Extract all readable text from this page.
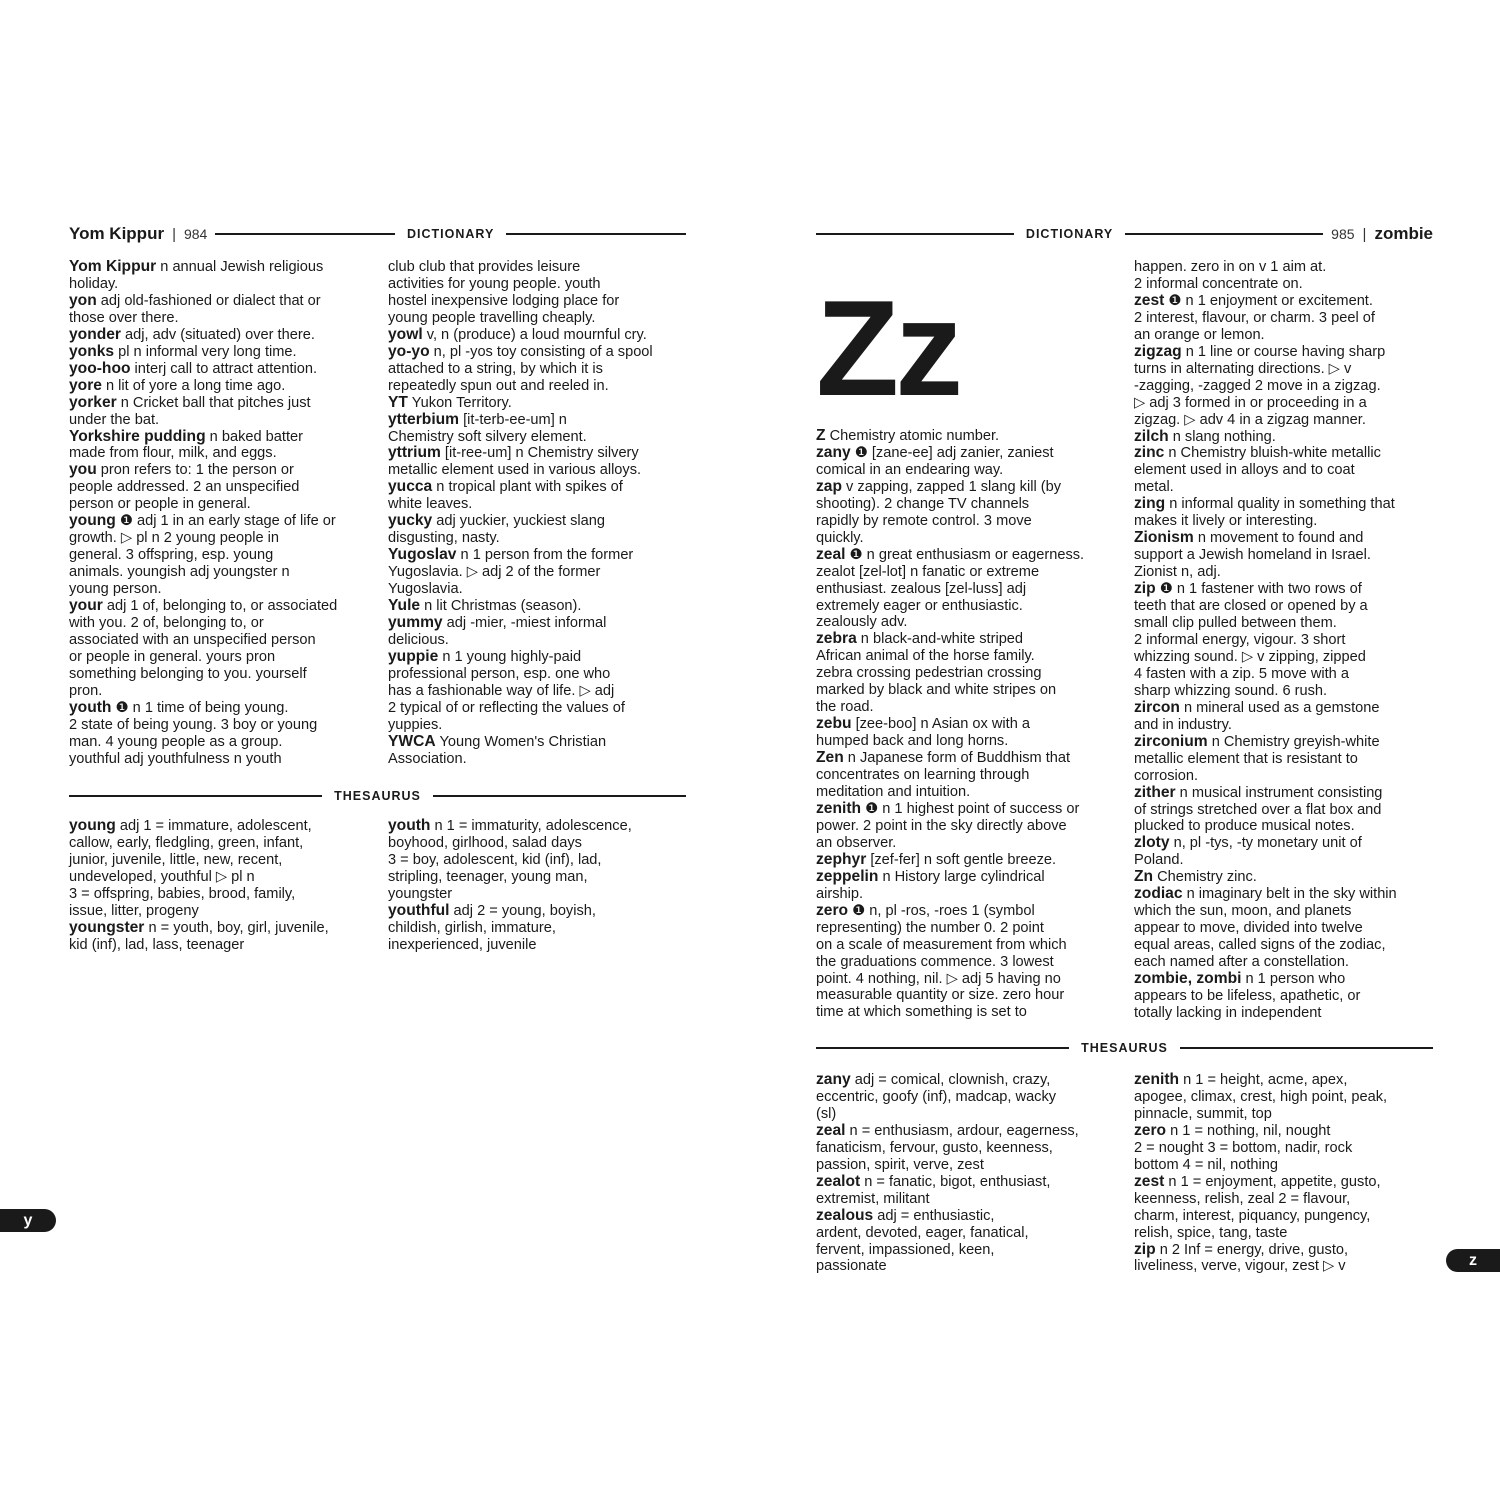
Yom Kippur | 984	DICTIONARY

Yom Kippur n annual Jewish religious
holiday.

yon adj old-fashioned or dialect that or
those over there.

yonder adj, adv (situated) over there.

yonks pl n informal very long time.

yoo-hoo interj call to attract attention.

yore n lit of yore a long time ago.

yorker n Cricket ball that pitches just
under the bat.

Yorkshire pudding n baked batter
made from flour, milk, and eggs.

you pron refers to: 1 the person or
people addressed. 2 an unspecified
person or people in general.

young ❶ adj 1 in an early stage of life or
growth. ▷ pl n 2 young people in
general. 3 offspring, esp. young
animals. youngish adj youngster n
young person.

your adj 1 of, belonging to, or associated
with you. 2 of, belonging to, or
associated with an unspecified person
or people in general. yours pron
something belonging to you. yourself
pron.

youth ❶ n 1 time of being young.
2 state of being young. 3 boy or young
man. 4 young people as a group.
youthful adj youthfulness n youth

club club that provides leisure
activities for young people. youth
hostel inexpensive lodging place for
young people travelling cheaply.

yowl v, n (produce) a loud mournful cry.

yo-yo n, pl -yos toy consisting of a spool
attached to a string, by which it is
repeatedly spun out and reeled in.

YT Yukon Territory.

ytterbium [it-terb-ee-um] n
Chemistry soft silvery element.

yttrium [it-ree-um] n Chemistry silvery
metallic element used in various alloys.

yucca n tropical plant with spikes of
white leaves.

yucky adj yuckier, yuckiest slang
disgusting, nasty.

Yugoslav n 1 person from the former
Yugoslavia. ▷ adj 2 of the former
Yugoslavia.

Yule n lit Christmas (season).

yummy adj -mier, -miest informal
delicious.

yuppie n 1 young highly-paid
professional person, esp. one who
has a fashionable way of life. ▷ adj
2 typical of or reflecting the values of
yuppies.

YWCA Young Women's Christian
Association.

THESAURUS

young adj 1 = immature, adolescent,
callow, early, fledgling, green, infant,
junior, juvenile, little, new, recent,
undeveloped, youthful ▷ pl n
3 = offspring, babies, brood, family,
issue, litter, progeny

youngster n = youth, boy, girl, juvenile,
kid (inf), lad, lass, teenager

youth n 1 = immaturity, adolescence,
boyhood, girlhood, salad days
3 = boy, adolescent, kid (inf), lad,
stripling, teenager, young man,
youngster

youthful adj 2 = young, boyish,
childish, girlish, immature,
inexperienced, juvenile

y
DICTIONARY	985 | zombie
Zz

Z Chemistry atomic number.

zany ❶ [zane-ee] adj zanier, zaniest
comical in an endearing way.

zap v zapping, zapped 1 slang kill (by
shooting). 2 change TV channels
rapidly by remote control. 3 move
quickly.

zeal ❶ n great enthusiasm or eagerness.
zealot [zel-lot] n fanatic or extreme
enthusiast. zealous [zel-luss] adj
extremely eager or enthusiastic.
zealously adv.

zebra n black-and-white striped
African animal of the horse family.
zebra crossing pedestrian crossing
marked by black and white stripes on
the road.

zebu [zee-boo] n Asian ox with a
humped back and long horns.

Zen n Japanese form of Buddhism that
concentrates on learning through
meditation and intuition.

zenith ❶ n 1 highest point of success or
power. 2 point in the sky directly above
an observer.

zephyr [zef-fer] n soft gentle breeze.

zeppelin n History large cylindrical
airship.

zero ❶ n, pl -ros, -roes 1 (symbol
representing) the number 0. 2 point
on a scale of measurement from which
the graduations commence. 3 lowest
point. 4 nothing, nil. ▷ adj 5 having no
measurable quantity or size. zero hour
time at which something is set to

happen. zero in on v 1 aim at.
2 informal concentrate on.

zest ❶ n 1 enjoyment or excitement.
2 interest, flavour, or charm. 3 peel of
an orange or lemon.

zigzag n 1 line or course having sharp
turns in alternating directions. ▷ v
-zagging, -zagged 2 move in a zigzag.
▷ adj 3 formed in or proceeding in a
zigzag. ▷ adv 4 in a zigzag manner.

zilch n slang nothing.

zinc n Chemistry bluish-white metallic
element used in alloys and to coat
metal.

zing n informal quality in something that
makes it lively or interesting.

Zionism n movement to found and
support a Jewish homeland in Israel.
Zionist n, adj.

zip ❶ n 1 fastener with two rows of
teeth that are closed or opened by a
small clip pulled between them.
2 informal energy, vigour. 3 short
whizzing sound. ▷ v zipping, zipped
4 fasten with a zip. 5 move with a
sharp whizzing sound. 6 rush.

zircon n mineral used as a gemstone
and in industry.

zirconium n Chemistry greyish-white
metallic element that is resistant to
corrosion.

zither n musical instrument consisting
of strings stretched over a flat box and
plucked to produce musical notes.

zloty n, pl -tys, -ty monetary unit of
Poland.

Zn Chemistry zinc.

zodiac n imaginary belt in the sky within
which the sun, moon, and planets
appear to move, divided into twelve
equal areas, called signs of the zodiac,
each named after a constellation.

zombie, zombi n 1 person who
appears to be lifeless, apathetic, or
totally lacking in independent

THESAURUS

zany adj = comical, clownish, crazy,
eccentric, goofy (inf), madcap, wacky
(sl)

zeal n = enthusiasm, ardour, eagerness,
fanaticism, fervour, gusto, keenness,
passion, spirit, verve, zest

zealot n = fanatic, bigot, enthusiast,
extremist, militant

zealous adj = enthusiastic,
ardent, devoted, eager, fanatical,
fervent, impassioned, keen,
passionate

zenith n 1 = height, acme, apex,
apogee, climax, crest, high point, peak,
pinnacle, summit, top

zero n 1 = nothing, nil, nought
2 = nought 3 = bottom, nadir, rock
bottom 4 = nil, nothing

zest n 1 = enjoyment, appetite, gusto,
keenness, relish, zeal 2 = flavour,
charm, interest, piquancy, pungency,
relish, spice, tang, taste

zip n 2 Inf = energy, drive, gusto,
liveliness, verve, vigour, zest ▷ v	z
